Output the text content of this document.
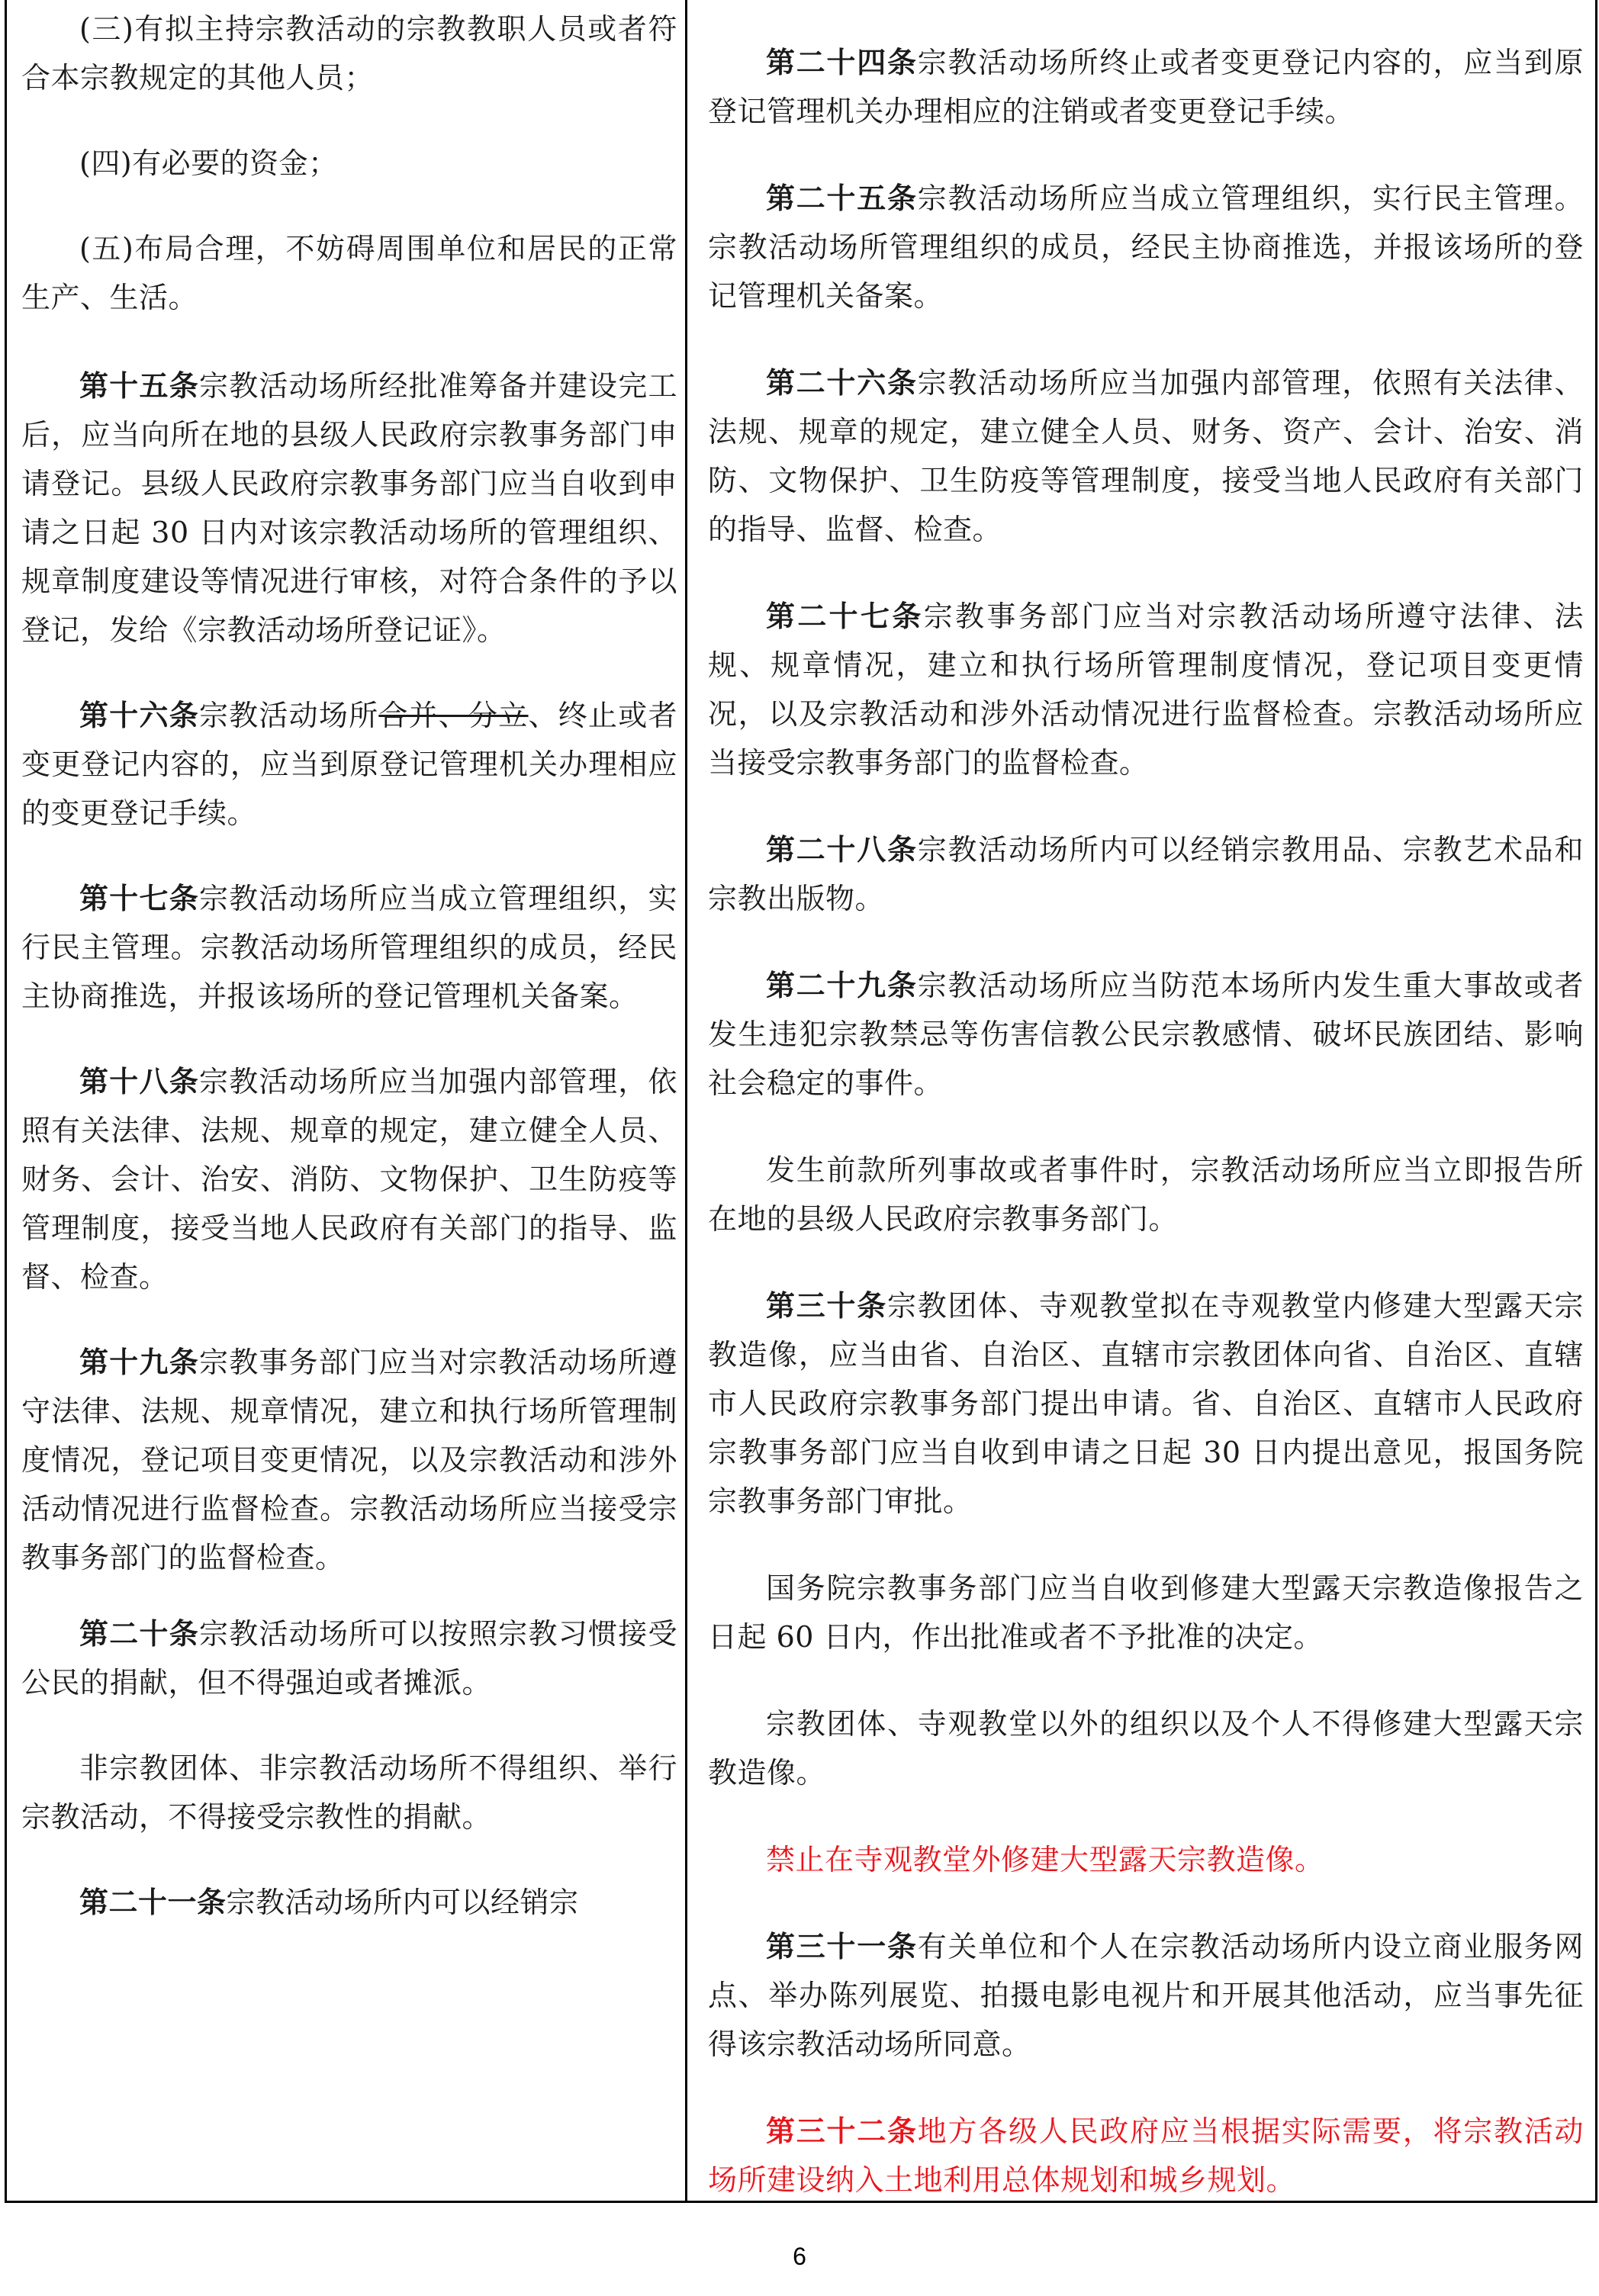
(三)有拟主持宗教活动的宗教教职人员或者符合本宗教规定的其他人员；

(四)有必要的资金；

(五)布局合理，不妨碍周围单位和居民的正常生产、生活。

第十五条宗教活动场所经批准筹备并建设完工后，应当向所在地的县级人民政府宗教事务部门申请登记。县级人民政府宗教事务部门应当自收到申请之日起 30 日内对该宗教活动场所的管理组织、规章制度建设等情况进行审核，对符合条件的予以登记，发给《宗教活动场所登记证》。

第十六条宗教活动场所合并、分立、终止或者变更登记内容的，应当到原登记管理机关办理相应的变更登记手续。

第十七条宗教活动场所应当成立管理组织，实行民主管理。宗教活动场所管理组织的成员，经民主协商推选，并报该场所的登记管理机关备案。

第十八条宗教活动场所应当加强内部管理，依照有关法律、法规、规章的规定，建立健全人员、财务、会计、治安、消防、文物保护、卫生防疫等管理制度，接受当地人民政府有关部门的指导、监督、检查。

第十九条宗教事务部门应当对宗教活动场所遵守法律、法规、规章情况，建立和执行场所管理制度情况，登记项目变更情况，以及宗教活动和涉外活动情况进行监督检查。宗教活动场所应当接受宗教事务部门的监督检查。

第二十条宗教活动场所可以按照宗教习惯接受公民的捐献，但不得强迫或者摊派。

非宗教团体、非宗教活动场所不得组织、举行宗教活动，不得接受宗教性的捐献。

第二十一条宗教活动场所内可以经销宗

第二十四条宗教活动场所终止或者变更登记内容的，应当到原登记管理机关办理相应的注销或者变更登记手续。

第二十五条宗教活动场所应当成立管理组织，实行民主管理。宗教活动场所管理组织的成员，经民主协商推选，并报该场所的登记管理机关备案。

第二十六条宗教活动场所应当加强内部管理，依照有关法律、法规、规章的规定，建立健全人员、财务、资产、会计、治安、消防、文物保护、卫生防疫等管理制度，接受当地人民政府有关部门的指导、监督、检查。

第二十七条宗教事务部门应当对宗教活动场所遵守法律、法规、规章情况，建立和执行场所管理制度情况，登记项目变更情况，以及宗教活动和涉外活动情况进行监督检查。宗教活动场所应当接受宗教事务部门的监督检查。

第二十八条宗教活动场所内可以经销宗教用品、宗教艺术品和宗教出版物。

第二十九条宗教活动场所应当防范本场所内发生重大事故或者发生违犯宗教禁忌等伤害信教公民宗教感情、破坏民族团结、影响社会稳定的事件。

发生前款所列事故或者事件时，宗教活动场所应当立即报告所在地的县级人民政府宗教事务部门。

第三十条宗教团体、寺观教堂拟在寺观教堂内修建大型露天宗教造像，应当由省、自治区、直辖市宗教团体向省、自治区、直辖市人民政府宗教事务部门提出申请。省、自治区、直辖市人民政府宗教事务部门应当自收到申请之日起 30 日内提出意见，报国务院宗教事务部门审批。

国务院宗教事务部门应当自收到修建大型露天宗教造像报告之日起 60 日内，作出批准或者不予批准的决定。

宗教团体、寺观教堂以外的组织以及个人不得修建大型露天宗教造像。

禁止在寺观教堂外修建大型露天宗教造像。

第三十一条有关单位和个人在宗教活动场所内设立商业服务网点、举办陈列展览、拍摄电影电视片和开展其他活动，应当事先征得该宗教活动场所同意。

第三十二条地方各级人民政府应当根据实际需要，将宗教活动场所建设纳入土地利用总体规划和城乡规划。

6
